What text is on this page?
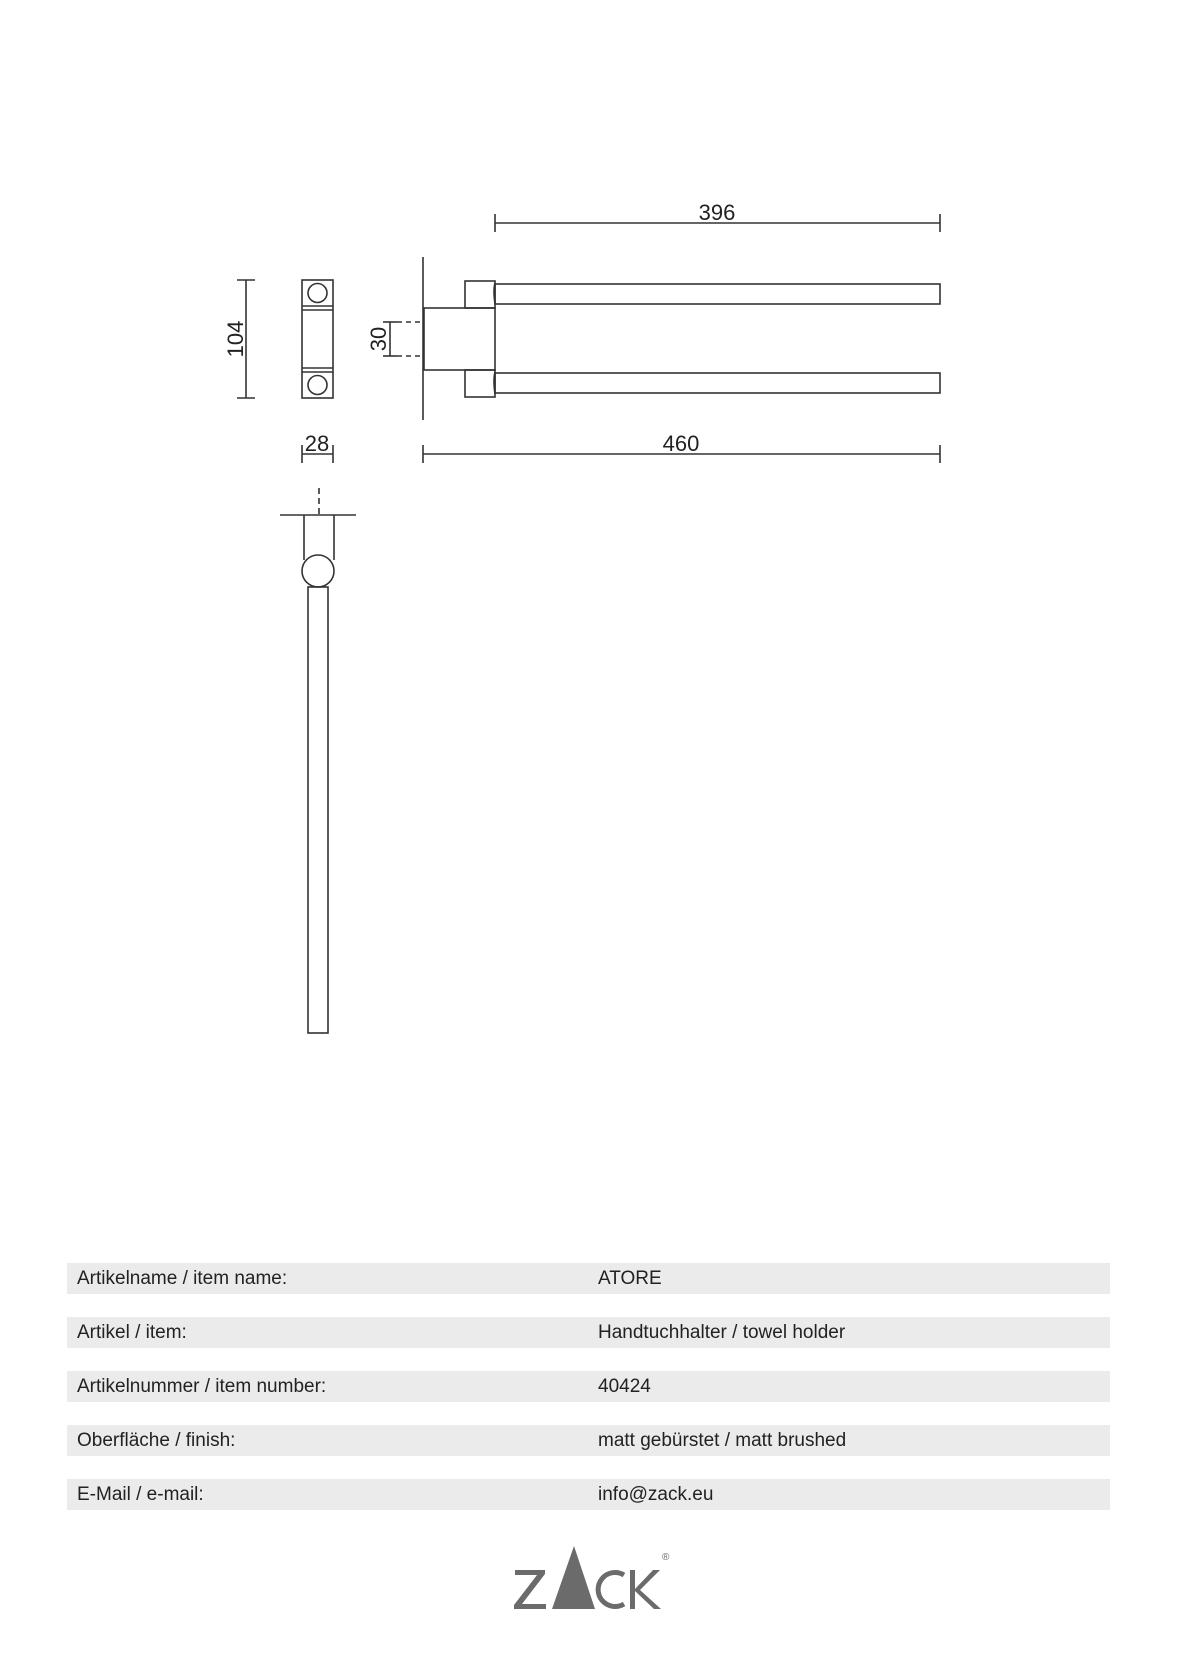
396
460
28
104	30
Artikelname / item name:	ATORE
Artikel / item:	Handtuchhalter / towel holder
Artikelnummer / item number:	40424
Oberfläche / finish:	matt gebürstet / matt brushed
E-Mail / e-mail:	info@zack.eu
®
